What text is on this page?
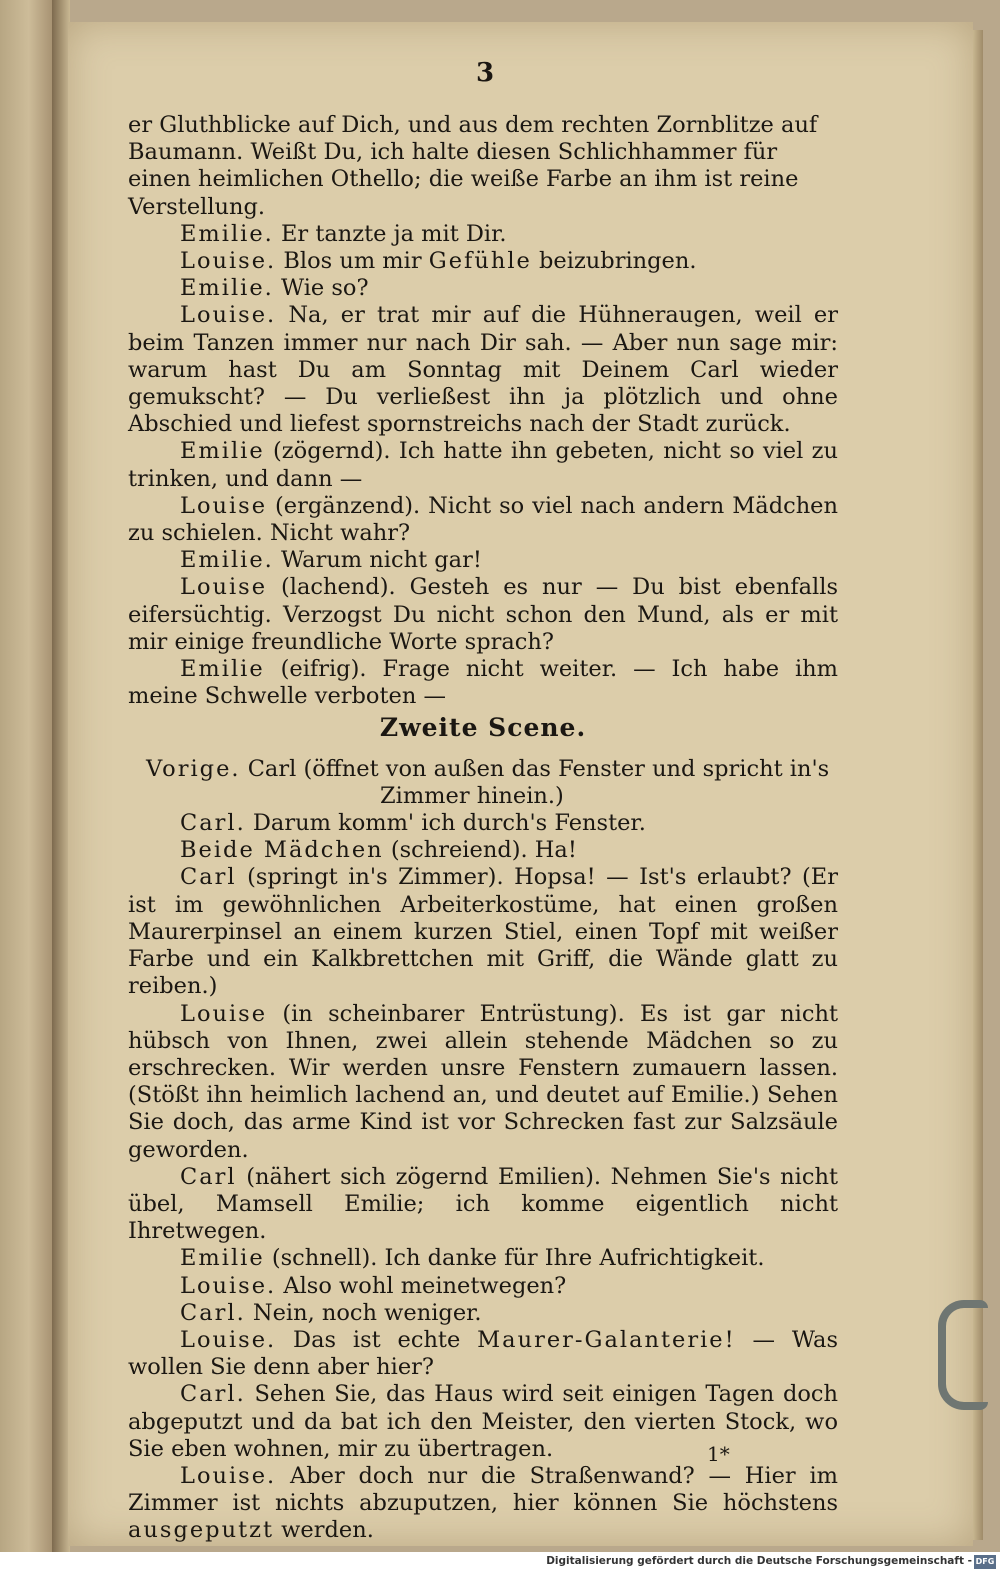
3

er Gluthblicke auf Dich, und aus dem rechten Zornblitze auf Baumann. Weißt Du, ich halte diesen Schlichhammer für einen heimlichen Othello; die weiße Farbe an ihm ist reine Verstellung.

Emilie. Er tanzte ja mit Dir.

Louise. Blos um mir Gefühle beizubringen.

Emilie. Wie so?

Louise. Na, er trat mir auf die Hühneraugen, weil er beim Tanzen immer nur nach Dir sah. — Aber nun sage mir: warum hast Du am Sonntag mit Deinem Carl wieder gemukscht? — Du verließest ihn ja plötzlich und ohne Abschied und liefest spornstreichs nach der Stadt zurück.

Emilie (zögernd). Ich hatte ihn gebeten, nicht so viel zu trinken, und dann —

Louise (ergänzend). Nicht so viel nach andern Mädchen zu schielen. Nicht wahr?

Emilie. Warum nicht gar!

Louise (lachend). Gesteh es nur — Du bist ebenfalls eifersüchtig. Verzogst Du nicht schon den Mund, als er mit mir einige freundliche Worte sprach?

Emilie (eifrig). Frage nicht weiter. — Ich habe ihm meine Schwelle verboten —

Zweite Scene.

Vorige. Carl (öffnet von außen das Fenster und spricht in's Zimmer hinein.)

Carl. Darum komm' ich durch's Fenster.

Beide Mädchen (schreiend). Ha!

Carl (springt in's Zimmer). Hopsa! — Ist's erlaubt? (Er ist im gewöhnlichen Arbeiterkostüme, hat einen großen Maurerpinsel an einem kurzen Stiel, einen Topf mit weißer Farbe und ein Kalkbrettchen mit Griff, die Wände glatt zu reiben.)

Louise (in scheinbarer Entrüstung). Es ist gar nicht hübsch von Ihnen, zwei allein stehende Mädchen so zu erschrecken. Wir werden unsre Fenstern zumauern lassen. (Stößt ihn heimlich lachend an, und deutet auf Emilie.) Sehen Sie doch, das arme Kind ist vor Schrecken fast zur Salzsäule geworden.

Carl (nähert sich zögernd Emilien). Nehmen Sie's nicht übel, Mamsell Emilie; ich komme eigentlich nicht Ihretwegen.

Emilie (schnell). Ich danke für Ihre Aufrichtigkeit.

Louise. Also wohl meinetwegen?

Carl. Nein, noch weniger.

Louise. Das ist echte Maurer-Galanterie! — Was wollen Sie denn aber hier?

Carl. Sehen Sie, das Haus wird seit einigen Tagen doch abgeputzt und da bat ich den Meister, den vierten Stock, wo Sie eben wohnen, mir zu übertragen.

Louise. Aber doch nur die Straßenwand? — Hier im Zimmer ist nichts abzuputzen, hier können Sie höchstens ausgeputzt werden.

1*
Digitalisierung gefördert durch die Deutsche Forschungsgemeinschaft - DFG
